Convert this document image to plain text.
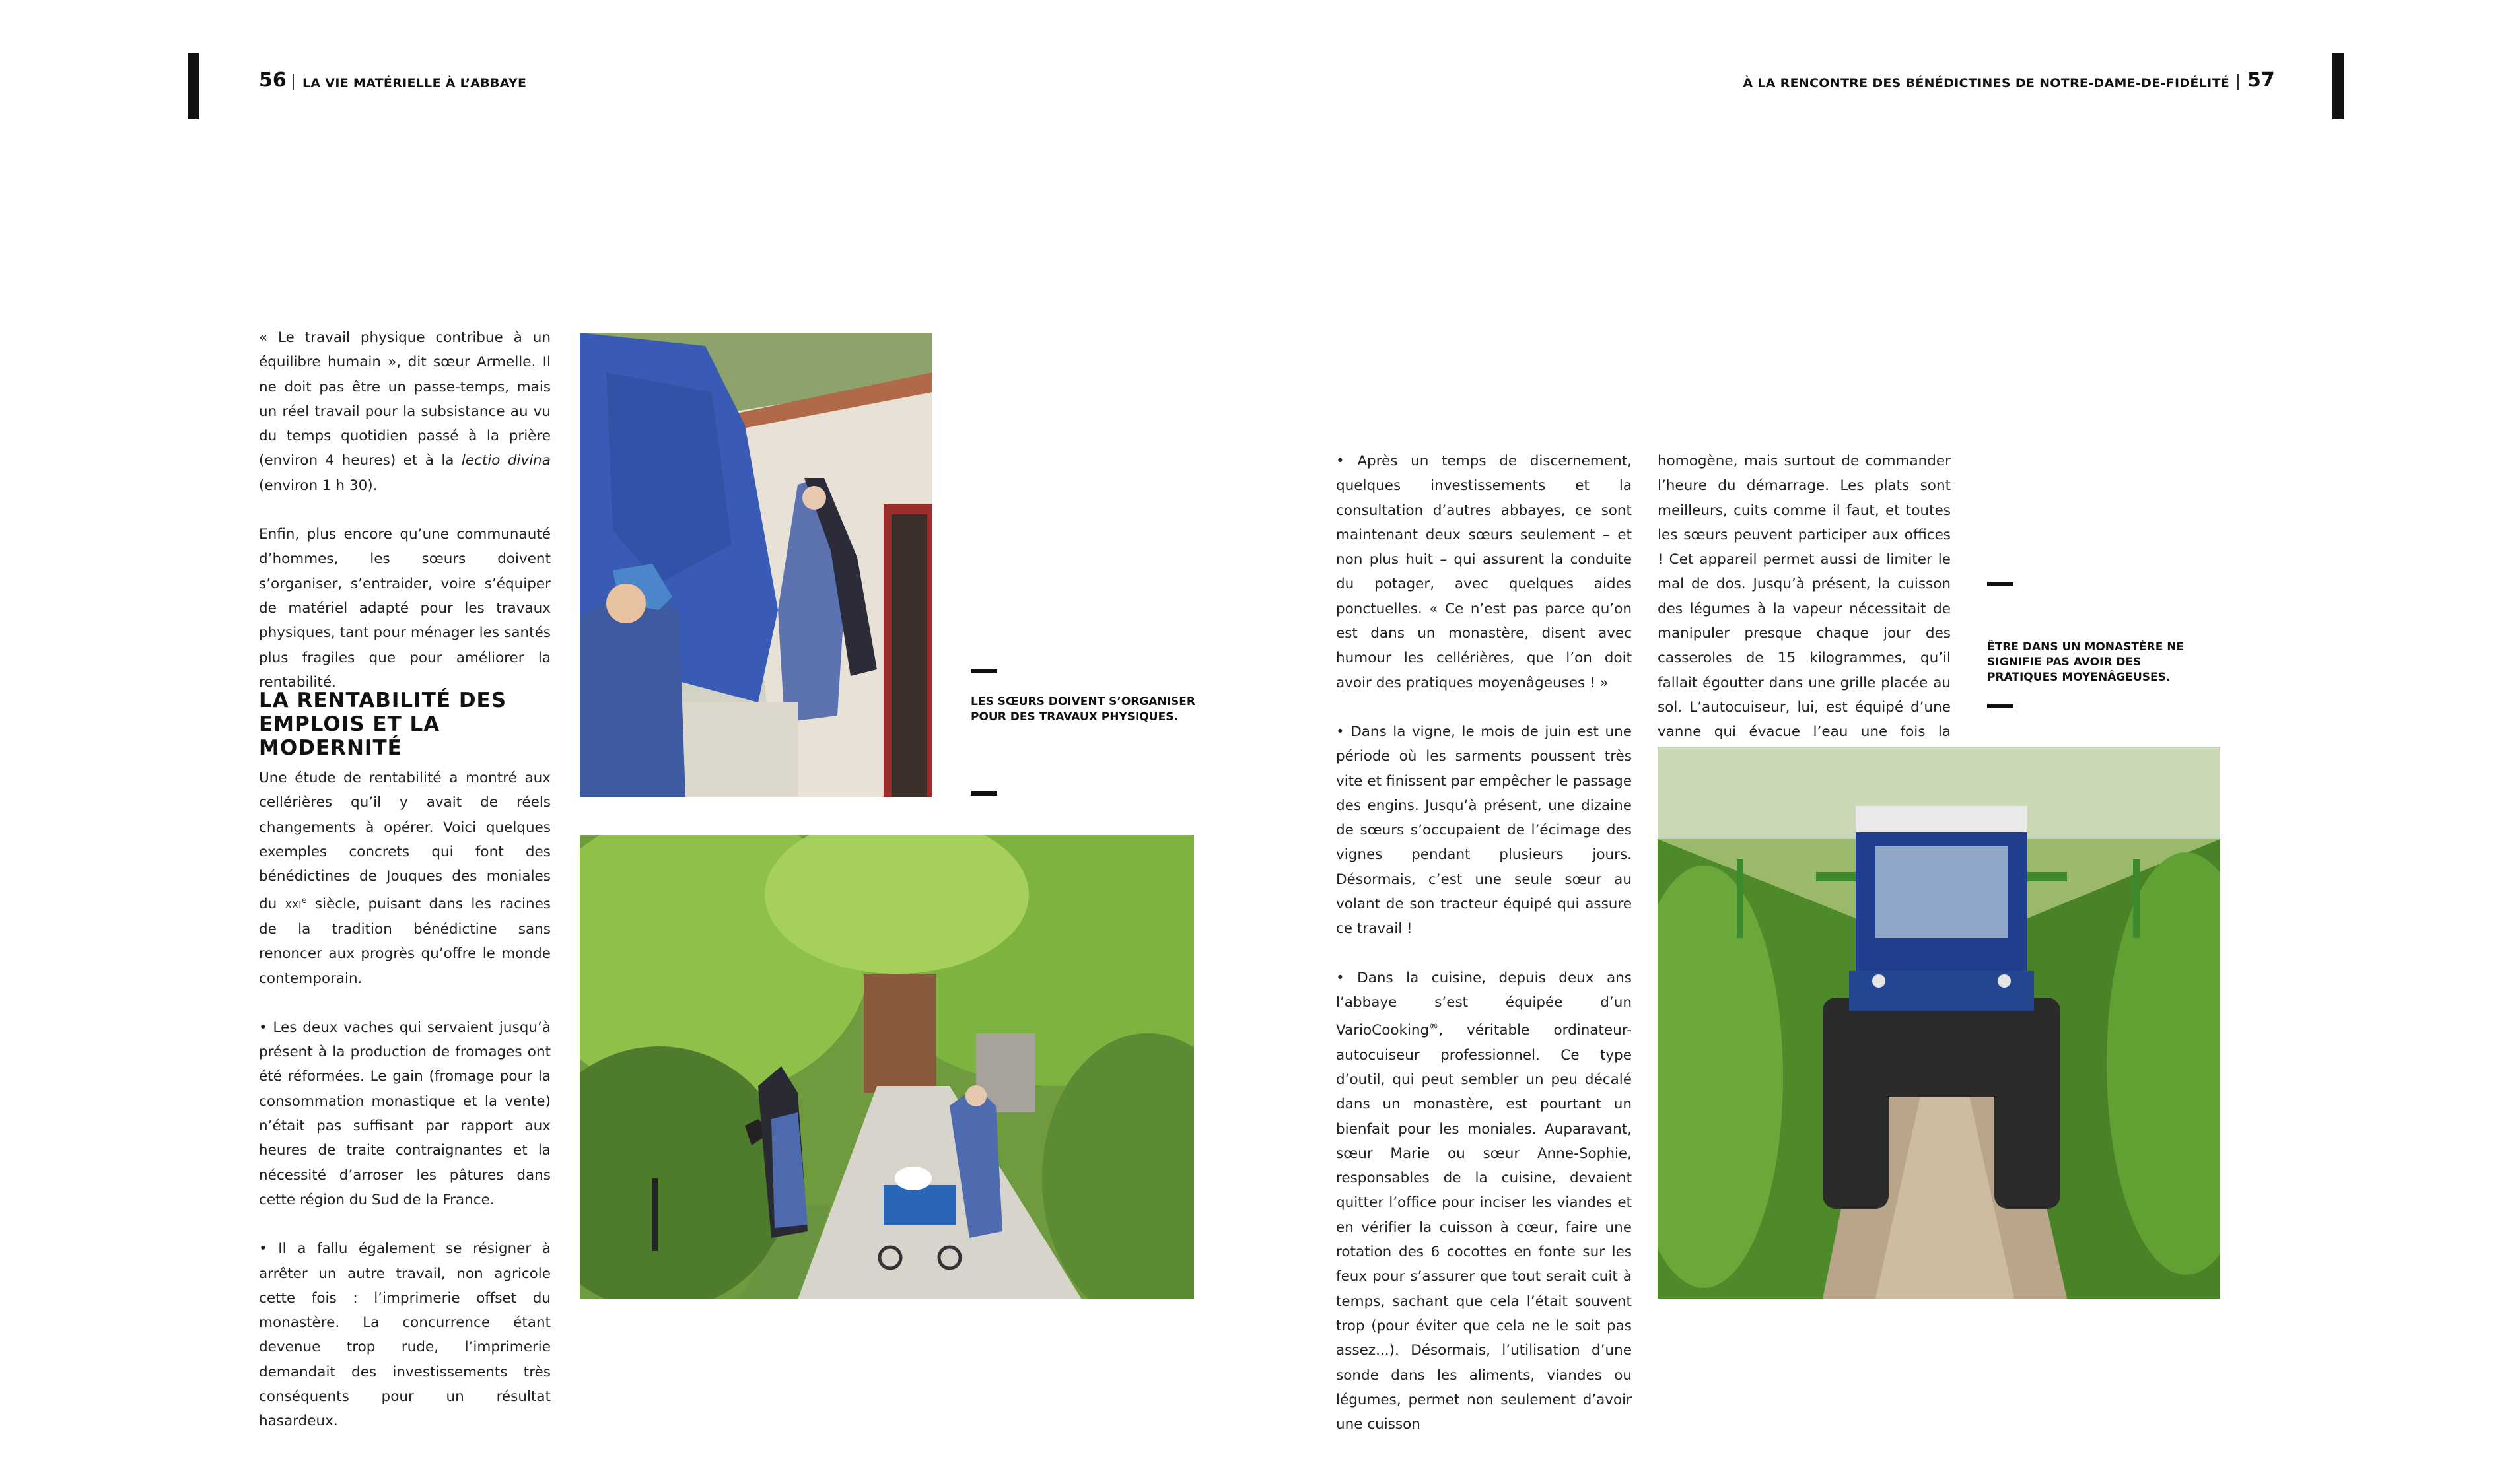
56 LA VIE MATÉRIELLE À L’ABBAYE	À LA RENCONTRE DES BÉNÉDICTINES DE NOTRE-DAME-DE-FIDÉLITÉ 57

« Le travail physique contribue à un équilibre humain », dit sœur Armelle. Il ne doit pas être un passe-temps, mais un réel travail pour la subsistance au vu du temps quotidien passé à la prière (environ 4 heures) et à la lectio divina (environ 1 h 30).

Enfin, plus encore qu’une communauté d’hommes, les sœurs doivent s’organiser, s’entraider, voire s’équiper de matériel adapté pour les travaux physiques, tant pour ménager les santés plus fragiles que pour améliorer la rentabilité.

LA RENTABILITÉ DES EMPLOIS ET LA MODERNITÉ

Une étude de rentabilité a montré aux cellérières qu’il y avait de réels changements à opérer. Voici quelques exemples concrets qui font des bénédictines de Jouques des moniales du xxi$^e$ siècle, puisant dans les racines de la tradition bénédictine sans renoncer aux progrès qu’offre le monde contemporain.

• Les deux vaches qui servaient jusqu’à présent à la production de fromages ont été réformées. Le gain (fromage pour la consommation monastique et la vente) n’était pas suffisant par rapport aux heures de traite contraignantes et la nécessité d’arroser les pâtures dans cette région du Sud de la France.

• Il a fallu également se résigner à arrêter un autre travail, non agricole cette fois : l’imprimerie offset du monastère. La concurrence étant devenue trop rude, l’imprimerie demandait des investissements très conséquents pour un résultat hasardeux.

LES SŒURS DOIVENT S’ORGANISER POUR DES TRAVAUX PHYSIQUES.

• Après un temps de discernement, quelques investissements et la consultation d’autres abbayes, ce sont maintenant deux sœurs seulement – et non plus huit – qui assurent la conduite du potager, avec quelques aides ponctuelles. « Ce n’est pas parce qu’on est dans un monastère, disent avec humour les cellérières, que l’on doit avoir des pratiques moyenâgeuses ! »

• Dans la vigne, le mois de juin est une période où les sarments poussent très vite et finissent par empêcher le passage des engins. Jusqu’à présent, une dizaine de sœurs s’occupaient de l’écimage des vignes pendant plusieurs jours. Désormais, c’est une seule sœur au volant de son tracteur équipé qui assure ce travail !

• Dans la cuisine, depuis deux ans l’abbaye s’est équipée d’un VarioCooking®, véritable ordinateur-autocuiseur professionnel. Ce type d’outil, qui peut sembler un peu décalé dans un monastère, est pourtant un bienfait pour les moniales. Auparavant, sœur Marie ou sœur Anne-Sophie, responsables de la cuisine, devaient quitter l’office pour inciser les viandes et en vérifier la cuisson à cœur, faire une rotation des 6 cocottes en fonte sur les feux pour s’assurer que tout serait cuit à temps, sachant que cela l’était souvent trop (pour éviter que cela ne le soit pas assez...). Désormais, l’utilisation d’une sonde dans les aliments, viandes ou légumes, permet non seulement d’avoir une cuisson

homogène, mais surtout de commander l’heure du démarrage. Les plats sont meilleurs, cuits comme il faut, et toutes les sœurs peuvent participer aux offices ! Cet appareil permet aussi de limiter le mal de dos. Jusqu’à présent, la cuisson des légumes à la vapeur nécessitait de manipuler presque chaque jour des casseroles de 15 kilogrammes, qu’il fallait égoutter dans une grille placée au sol. L’autocuiseur, lui, est équipé d’une vanne qui évacue l’eau une fois la

ÊTRE DANS UN MONASTÈRE NE SIGNIFIE PAS AVOIR DES PRATIQUES MOYENÂGEUSES.
